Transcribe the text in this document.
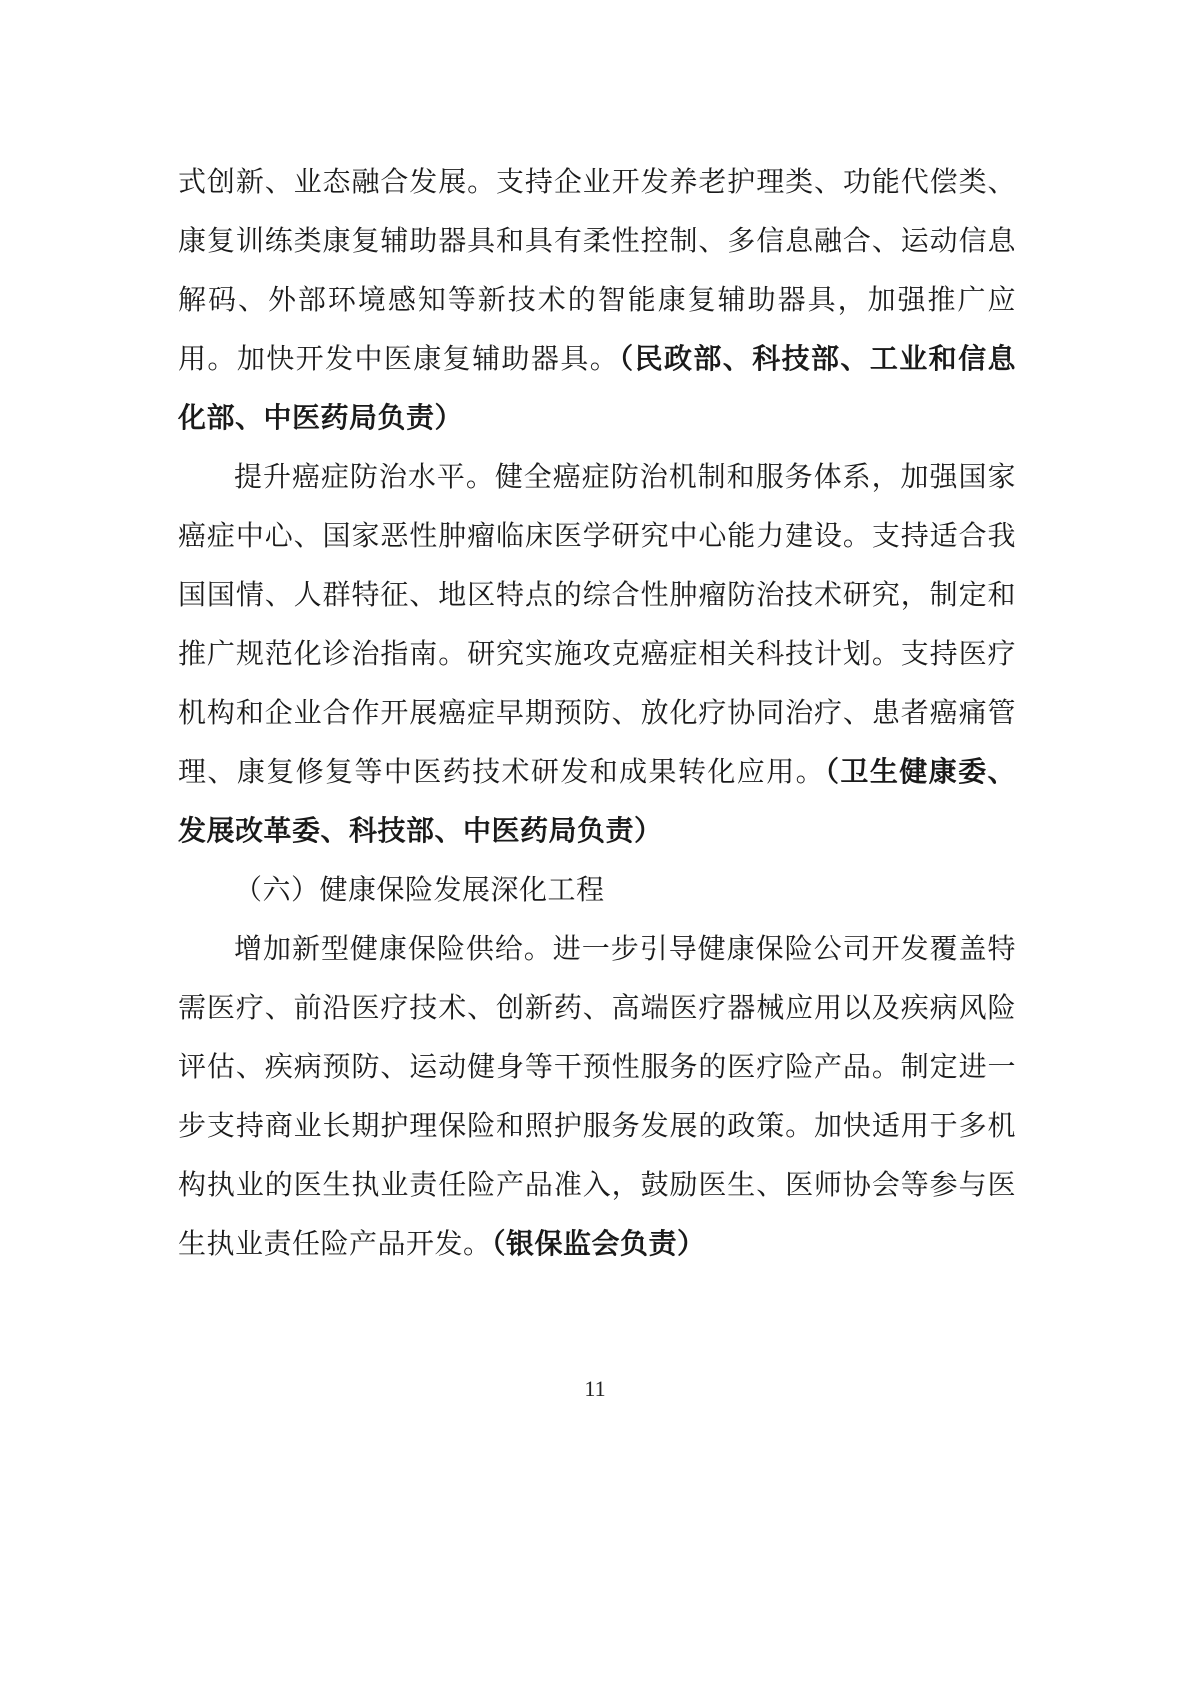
式创新、业态融合发展。支持企业开发养老护理类、功能代偿类、康复训练类康复辅助器具和具有柔性控制、多信息融合、运动信息解码、外部环境感知等新技术的智能康复辅助器具，加强推广应用。加快开发中医康复辅助器具。（民政部、科技部、工业和信息化部、中医药局负责）

提升癌症防治水平。健全癌症防治机制和服务体系，加强国家癌症中心、国家恶性肿瘤临床医学研究中心能力建设。支持适合我国国情、人群特征、地区特点的综合性肿瘤防治技术研究，制定和推广规范化诊治指南。研究实施攻克癌症相关科技计划。支持医疗机构和企业合作开展癌症早期预防、放化疗协同治疗、患者癌痛管理、康复修复等中医药技术研发和成果转化应用。（卫生健康委、发展改革委、科技部、中医药局负责）

（六）健康保险发展深化工程

增加新型健康保险供给。进一步引导健康保险公司开发覆盖特需医疗、前沿医疗技术、创新药、高端医疗器械应用以及疾病风险评估、疾病预防、运动健身等干预性服务的医疗险产品。制定进一步支持商业长期护理保险和照护服务发展的政策。加快适用于多机构执业的医生执业责任险产品准入，鼓励医生、医师协会等参与医生执业责任险产品开发。（银保监会负责）

11
